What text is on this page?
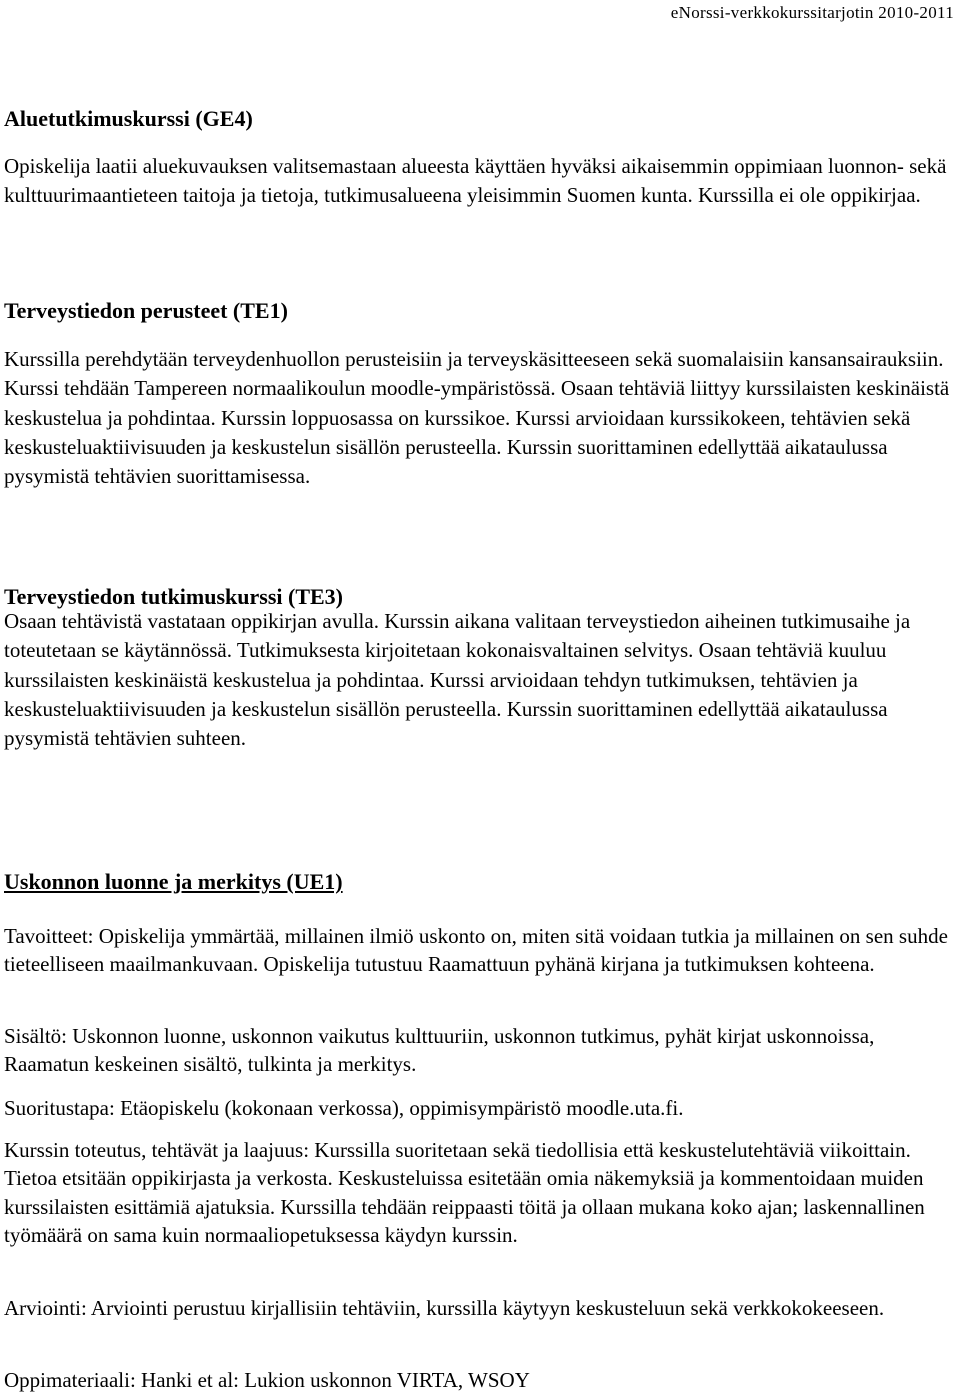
eNorssi-verkkokurssitarjotin 2010-2011
Aluetutkimuskurssi (GE4)

Opiskelija laatii aluekuvauksen valitsemastaan alueesta käyttäen hyväksi aikaisemmin oppimiaan luonnon- sekä kulttuurimaantieteen taitoja ja tietoja, tutkimusalueena yleisimmin Suomen kunta. Kurssilla ei ole oppikirjaa.

Terveystiedon perusteet (TE1)

Kurssilla perehdytään terveydenhuollon perusteisiin ja terveyskäsitteeseen sekä suomalaisiin kansansairauksiin. Kurssi tehdään Tampereen normaalikoulun moodle-ympäristössä. Osaan tehtäviä liittyy kurssilaisten keskinäistä keskustelua ja pohdintaa. Kurssin loppuosassa on kurssikoe. Kurssi arvioidaan kurssikokeen, tehtävien sekä keskusteluaktiivisuuden ja keskustelun sisällön perusteella. Kurssin suorittaminen edellyttää aikataulussa pysymistä tehtävien suorittamisessa.

Terveystiedon tutkimuskurssi (TE3)

Osaan tehtävistä vastataan oppikirjan avulla. Kurssin aikana valitaan terveystiedon aiheinen tutkimusaihe ja toteutetaan se käytännössä. Tutkimuksesta kirjoitetaan kokonaisvaltainen selvitys. Osaan tehtäviä kuuluu kurssilaisten keskinäistä keskustelua ja pohdintaa. Kurssi arvioidaan tehdyn tutkimuksen, tehtävien ja keskusteluaktiivisuuden ja keskustelun sisällön perusteella. Kurssin suorittaminen edellyttää aikataulussa pysymistä tehtävien suhteen.

Uskonnon luonne ja merkitys (UE1)

Tavoitteet: Opiskelija ymmärtää, millainen ilmiö uskonto on, miten sitä voidaan tutkia ja millainen on sen suhde tieteelliseen maailmankuvaan. Opiskelija tutustuu Raamattuun pyhänä kirjana ja tutkimuksen kohteena.

Sisältö: Uskonnon luonne, uskonnon vaikutus kulttuuriin, uskonnon tutkimus, pyhät kirjat uskonnoissa, Raamatun keskeinen sisältö, tulkinta ja merkitys.

Suoritustapa: Etäopiskelu (kokonaan verkossa), oppimisympäristö moodle.uta.fi.

Kurssin toteutus, tehtävät ja laajuus: Kurssilla suoritetaan sekä tiedollisia että keskustelutehtäviä viikoittain. Tietoa etsitään oppikirjasta ja verkosta. Keskusteluissa esitetään omia näkemyksiä ja kommentoidaan muiden kurssilaisten esittämiä ajatuksia. Kurssilla tehdään reippaasti töitä ja ollaan mukana koko ajan; laskennallinen työmäärä on sama kuin normaaliopetuksessa käydyn kurssin.

Arviointi: Arviointi perustuu kirjallisiin tehtäviin, kurssilla käytyyn keskusteluun sekä verkkokokeeseen.

Oppimateriaali: Hanki et al: Lukion uskonnon VIRTA, WSOY
